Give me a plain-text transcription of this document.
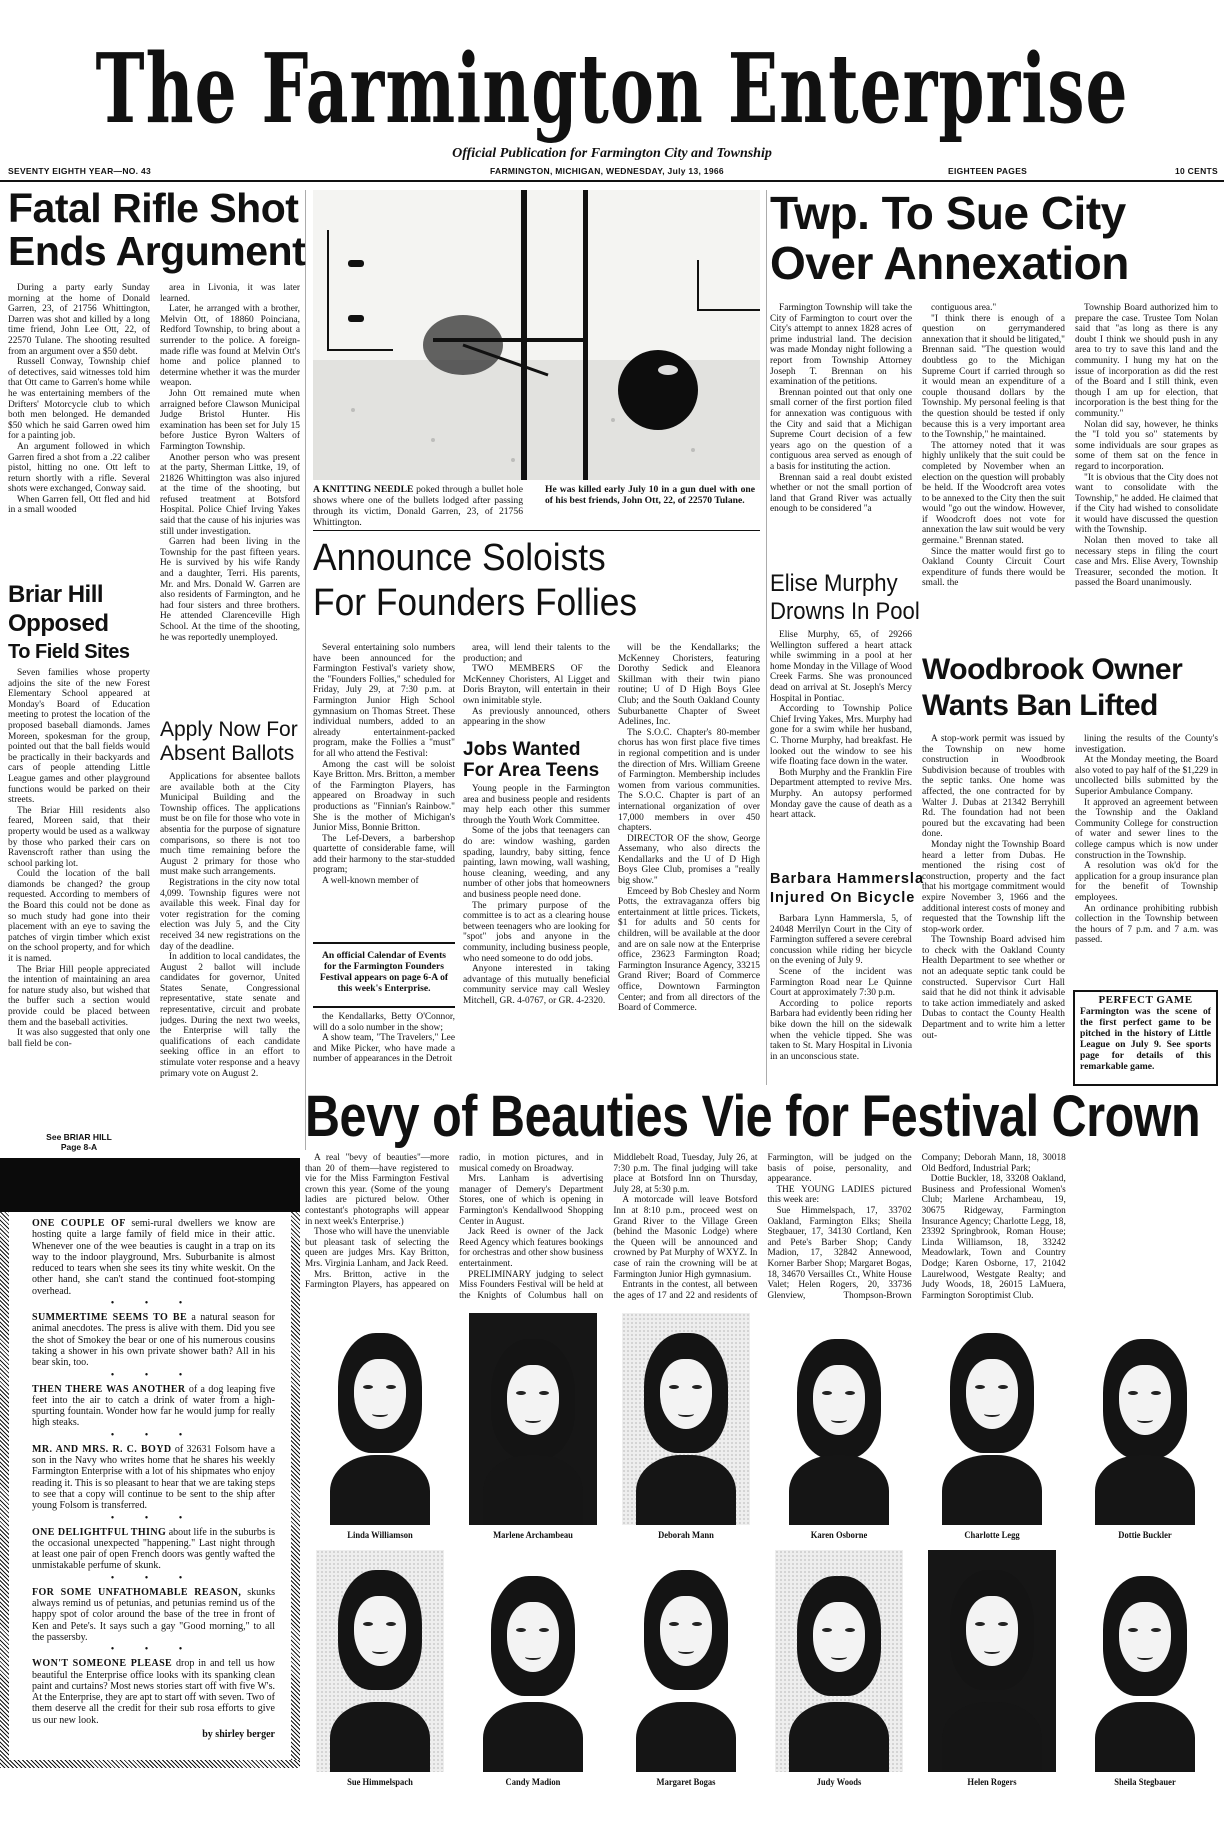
The Farmington Enterprise
Official Publication for Farmington City and Township
SEVENTY EIGHTH YEAR—NO. 43	FARMINGTON, MICHIGAN, WEDNESDAY, July 13, 1966	EIGHTEEN PAGES	10 CENTS
Fatal Rifle Shot
Ends Argument

During a party early Sunday morning at the home of Donald Garren, 23, of 21756 Whittington, Darren was shot and killed by a long time friend, John Lee Ott, 22, of 22570 Tulane. The shooting resulted from an argument over a $50 debt.

Russell Conway, Township chief of detectives, said witnesses told him that Ott came to Garren's home while he was entertaining members of the Drifters' Motorcycle club to which both men belonged. He demanded $50 which he said Garren owed him for a painting job.

An argument followed in which Garren fired a shot from a .22 caliber pistol, hitting no one. Ott left to return shortly with a rifle. Several shots were exchanged, Conway said.

When Garren fell, Ott fled and hid in a small wooded

area in Livonia, it was later learned.

Later, he arranged with a brother, Melvin Ott, of 18860 Poinciana, Redford Township, to bring about a surrender to the police. A foreign-made rifle was found at Melvin Ott's home and police planned to determine whether it was the murder weapon.

John Ott remained mute when arraigned before Clawson Municipal Judge Bristol Hunter. His examination has been set for July 15 before Justice Byron Walters of Farmington Township.

Another person who was present at the party, Sherman Littke, 19, of 21826 Whittington was also injured at the time of the shooting, but refused treatment at Botsford Hospital. Police Chief Irving Yakes said that the cause of his injuries was still under investigation.

Garren had been living in the Township for the past fifteen years. He is survived by his wife Randy and a daughter, Terri. His parents, Mr. and Mrs. Donald W. Garren are also residents of Farmington, and he had four sisters and three brothers. He attended Clarenceville High School. At the time of the shooting, he was reportedly unemployed.

Briar Hill
Opposed
To Field Sites

Seven families whose property adjoins the site of the new Forest Elementary School appeared at Monday's Board of Education meeting to protest the location of the proposed baseball diamonds. James Moreen, spokesman for the group, pointed out that the ball fields would be practically in their backyards and cars of people attending Little League games and other playground functions would be parked on their streets.

The Briar Hill residents also feared, Moreen said, that their property would be used as a walkway by those who parked their cars on Ravenscroft rather than using the school parking lot.

Could the location of the ball diamonds be changed? the group requested. According to members of the Board this could not be done as so much study had gone into their placement with an eye to saving the patches of virgin timber which exist on the school property, and for which it is named.

The Briar Hill people appreciated the intention of maintaining an area for nature study also, but wished that the buffer such a section would provide could be placed between them and the baseball activities.

It was also suggested that only one ball field be con-

See BRIAR HILL
Page 8-A
Apply Now For
Absent Ballots

Applications for absentee ballots are available both at the City Municipal Building and the Township offices. The applications must be on file for those who vote in absentia for the purpose of signature comparisons, so there is not too much time remaining before the August 2 primary for those who must make such arrangements.

Registrations in the city now total 4,099. Township figures were not available this week. Final day for voter registration for the coming election was July 5, and the City received 34 new registrations on the day of the deadline.

In addition to local candidates, the August 2 ballot will include candidates for governor, United States Senate, Congressional representative, state senate and representative, circuit and probate judges. During the next two weeks, the Enterprise will tally the qualifications of each candidate seeking office in an effort to stimulate voter response and a heavy primary vote on August 2.

A KNITTING NEEDLE poked through a bullet hole shows where one of the bullets lodged after passing through its victim, Donald Garren, 23, of 21756 Whittington.
He was killed early July 10 in a gun duel with one of his best friends, John Ott, 22, of 22570 Tulane.
Announce Soloists
For Founders Follies

Several entertaining solo numbers have been announced for the Farmington Festival's variety show, the "Founders Follies," scheduled for Friday, July 29, at 7:30 p.m. at Farmington Junior High School gymnasium on Thomas Street. These individual numbers, added to an already entertainment-packed program, make the Follies a "must" for all who attend the Festival:

Among the cast will be soloist Kaye Britton. Mrs. Britton, a member of the Farmington Players, has appeared on Broadway in such productions as "Finnian's Rainbow." She is the mother of Michigan's Junior Miss, Bonnie Britton.

The Lef-Devers, a barbershop quartette of considerable fame, will add their harmony to the star-studded program;

A well-known member of

An official Calendar of Events for the Farmington Founders Festival appears on page 6-A of this week's Enterprise.

the Kendallarks, Betty O'Connor, will do a solo number in the show;

A show team, "The Travelers," Lee and Mike Picker, who have made a number of appearances in the Detroit

area, will lend their talents to the production; and

TWO MEMBERS OF the McKenney Choristers, Al Ligget and Doris Brayton, will entertain in their own inimitable style.

As previously announced, others appearing in the show

will be the Kendallarks; the McKenney Choristers, featuring Dorothy Sedick and Eleanora Skillman with their twin piano routine; U of D High Boys Glee Club; and the South Oakland County Suburbanette Chapter of Sweet Adelines, Inc.

The S.O.C. Chapter's 80-member chorus has won first place five times in regional competition and is under the direction of Mrs. William Greene of Farmington. Membership includes women from various communities. The S.O.C. Chapter is part of an international organization of over 17,000 members in over 450 chapters.

DIRECTOR OF the show, George Assemany, who also directs the Kendallarks and the U of D High Boys Glee Club, promises a "really big show."

Emceed by Bob Chesley and Norm Potts, the extravaganza offers big entertainment at little prices. Tickets, $1 for adults and 50 cents for children, will be available at the door and are on sale now at the Enterprise office, 23623 Farmington Road; Farmington Insurance Agency, 33215 Grand River; Board of Commerce office, Downtown Farmington Center; and from all directors of the Board of Commerce.

Jobs Wanted
For Area Teens

Young people in the Farmington area and business people and residents may help each other this summer through the Youth Work Committee.

Some of the jobs that teenagers can do are: window washing, garden spading, laundry, baby sitting, fence painting, lawn mowing, wall washing, house cleaning, weeding, and any number of other jobs that homeowners and business people need done.

The primary purpose of the committee is to act as a clearing house between teenagers who are looking for "spot" jobs and anyone in the community, including business people, who need someone to do odd jobs.

Anyone interested in taking advantage of this mutually beneficial community service may call Wesley Mitchell, GR. 4-0767, or GR. 4-2320.

Twp. To Sue City
Over Annexation

Farmington Township will take the City of Farmington to court over the City's attempt to annex 1828 acres of prime industrial land. The decision was made Monday night following a report from Township Attorney Joseph T. Brennan on his examination of the petitions.

Brennan pointed out that only one small corner of the first portion filed for annexation was contiguous with the City and said that a Michigan Supreme Court decision of a few years ago on the question of a contiguous area served as enough of a basis for instituting the action.

Brennan said a real doubt existed whether or not the small portion of land that Grand River was actually enough to be considered "a

contiguous area."

"I think there is enough of a question on gerrymandered annexation that it should be litigated," Brennan said. "The question would doubtless go to the Michigan Supreme Court if carried through so it would mean an expenditure of a couple thousand dollars by the Township. My personal feeling is that the question should be tested if only because this is a very important area to the Township," he maintained.

The attorney noted that it was highly unlikely that the suit could be completed by November when an election on the question will probably be held. If the Woodcroft area votes to be annexed to the City then the suit would "go out the window. However, if Woodcroft does not vote for annexation the law suit would be very germaine." Brennan stated.

Since the matter would first go to Oakland County Circuit Court expenditure of funds there would be small. the

Township Board authorized him to prepare the case. Trustee Tom Nolan said that "as long as there is any doubt I think we should push in any area to try to save this land and the community. I hung my hat on the issue of incorporation as did the rest of the Board and I still think, even though I am up for election, that incorporation is the best thing for the community."

Nolan did say, however, he thinks the "I told you so" statements by some individuals are sour grapes as some of them sat on the fence in regard to incorporation.

"It is obvious that the City does not want to consolidate with the Township," he added. He claimed that if the City had wished to consolidate it would have discussed the question with the Township.

Nolan then moved to take all necessary steps in filing the court case and Mrs. Elise Avery, Township Treasurer, seconded the motion. It passed the Board unanimously.

Elise Murphy
Drowns In Pool

Elise Murphy, 65, of 29266 Wellington suffered a heart attack while swimming in a pool at her home Monday in the Village of Wood Creek Farms. She was pronounced dead on arrival at St. Joseph's Mercy Hospital in Pontiac.

According to Township Police Chief Irving Yakes, Mrs. Murphy had gone for a swim while her husband, C. Thorne Murphy, had breakfast. He looked out the window to see his wife floating face down in the water.

Both Murphy and the Franklin Fire Department attempted to revive Mrs. Murphy. An autopsy performed Monday gave the cause of death as a heart attack.

Barbara Hammersla
Injured On Bicycle

Barbara Lynn Hammersla, 5, of 24048 Merrilyn Court in the City of Farmington suffered a severe cerebral concussion while riding her bicycle on the evening of July 9.

Scene of the incident was Farmington Road near Le Quinne Court at approximately 7:30 p.m.

According to police reports Barbara had evidently been riding her bike down the hill on the sidewalk when the vehicle tipped. She was taken to St. Mary Hospital in Livonia in an unconscious state.

Woodbrook Owner
Wants Ban Lifted

A stop-work permit was issued by the Township on new home construction in Woodbrook Subdivision because of troubles with the septic tanks. One home was affected, the one contracted for by Walter J. Dubas at 21342 Berryhill Rd. The foundation had not been poured but the excavating had been done.

Monday night the Township Board heard a letter from Dubas. He mentioned the rising cost of construction, property and the fact that his mortgage commitment would expire November 3, 1966 and the additional interest costs of money and requested that the Township lift the stop-work order.

The Township Board advised him to check with the Oakland County Health Department to see whether or not an adequate septic tank could be constructed. Supervisor Curt Hall said that he did not think it advisable to take action immediately and asked Dubas to contact the County Health Department and to write him a letter out-

lining the results of the County's investigation.

At the Monday meeting, the Board also voted to pay half of the $1,229 in uncollected bills submitted by the Superior Ambulance Company.

It approved an agreement between the Township and the Oakland Community College for construction of water and sewer lines to the college campus which is now under construction in the Township.

A resolution was ok'd for the application for a group insurance plan for the benefit of Township employees.

An ordinance prohibiting rubbish collection in the Township between the hours of 7 p.m. and 7 a.m. was passed.

PERFECT GAME
Farmington was the scene of the first perfect game to be pitched in the history of Little League on July 9. See sports page for details of this remarkable game.
Bevy of Beauties Vie for Festival Crown

A real "bevy of beauties"—more than 20 of them—have registered to vie for the Miss Farmington Festival crown this year. (Some of the young ladies are pictured below. Other contestant's photographs will appear in next week's Enterprise.)

Those who will have the unenviable but pleasant task of selecting the queen are judges Mrs. Kay Britton, Mrs. Virginia Lanham, and Jack Reed.

Mrs. Britton, active in the Farmington Players, has appeared on radio, in motion pictures, and in musical comedy on Broadway.

Mrs. Lanham is advertising manager of Demery's Department Stores, one of which is opening in Farmington's Kendallwood Shopping Center in August.

Jack Reed is owner of the Jack Reed Agency which features bookings for orchestras and other show business entertainment.

PRELIMINARY judging to select Miss Founders Festival will be held at the Knights of Columbus hall on Middlebelt Road, Tuesday, July 26, at 7:30 p.m. The final judging will take place at Botsford Inn on Thursday, July 28, at 5:30 p.m.

A motorcade will leave Botsford Inn at 8:10 p.m., proceed west on Grand River to the Village Green (behind the Masonic Lodge) where the Queen will be announced and crowned by Pat Murphy of WXYZ. In case of rain the crowning will be at Farmington Junior High gymnasium.

Entrants in the contest, all between the ages of 17 and 22 and residents of Farmington, will be judged on the basis of poise, personality, and appearance.

THE YOUNG LADIES pictured this week are:

Sue Himmelspach, 17, 33702 Oakland, Farmington Elks; Sheila Stegbauer, 17, 34130 Cortland, Ken and Pete's Barber Shop; Candy Madion, 17, 32842 Annewood, Korner Barber Shop; Margaret Bogas, 18, 34670 Versailles Ct., White House Valet; Helen Rogers, 20, 33736 Glenview, Thompson-Brown Company; Deborah Mann, 18, 30018 Old Bedford, Industrial Park;

Dottie Buckler, 18, 33208 Oakland, Business and Professional Women's Club; Marlene Archambeau, 19, 30675 Ridgeway, Farmington Insurance Agency; Charlotte Legg, 18, 23392 Springbrook, Roman House; Linda Williamson, 18, 33242 Meadowlark, Town and Country Dodge; Karen Osborne, 17, 21042 Laurelwood, Westgate Realty; and Judy Woods, 18, 26015 LaMuera, Farmington Soroptimist Club.

ONE COUPLE OF semi-rural dwellers we know are hosting quite a large family of field mice in their attic. Whenever one of the wee beauties is caught in a trap on its way to the indoor playground, Mrs. Suburbanite is almost reduced to tears when she sees its tiny white weskit. On the other hand, she can't stand the continued foot-stomping overhead.

• • •

SUMMERTIME SEEMS TO BE a natural season for animal anecdotes. The press is alive with them. Did you see the shot of Smokey the bear or one of his numerous cousins taking a shower in his own private shower bath? All in his bear skin, too.

• • •

THEN THERE WAS ANOTHER of a dog leaping five feet into the air to catch a drink of water from a high-spurting fountain. Wonder how far he would jump for really high steaks.

• • •

MR. AND MRS. R. C. BOYD of 32631 Folsom have a son in the Navy who writes home that he shares his weekly Farmington Enterprise with a lot of his shipmates who enjoy reading it. This is so pleasant to hear that we are taking steps to see that a copy will continue to be sent to the ship after young Folsom is transferred.

• • •

ONE DELIGHTFUL THING about life in the suburbs is the occasional unexpected "happening." Last night through at least one pair of open French doors was gently wafted the unmistakable perfume of skunk.

• • •

FOR SOME UNFATHOMABLE REASON, skunks always remind us of petunias, and petunias remind us of the happy spot of color around the base of the tree in front of Ken and Pete's. It says such a gay "Good morning," to all the passersby.

• • •

WON'T SOMEONE PLEASE drop in and tell us how beautiful the Enterprise office looks with its spanking clean paint and curtains? Most news stories start off with five W's. At the Enterprise, they are apt to start off with seven. Two of them deserve all the credit for their sub rosa efforts to give us our new look.

by shirley berger
Linda Williamson	Marlene Archambeau	Deborah Mann	Karen Osborne	Charlotte Legg	Dottie Buckler
Sue Himmelspach	Candy Madion	Margaret Bogas	Judy Woods	Helen Rogers	Sheila Stegbauer
